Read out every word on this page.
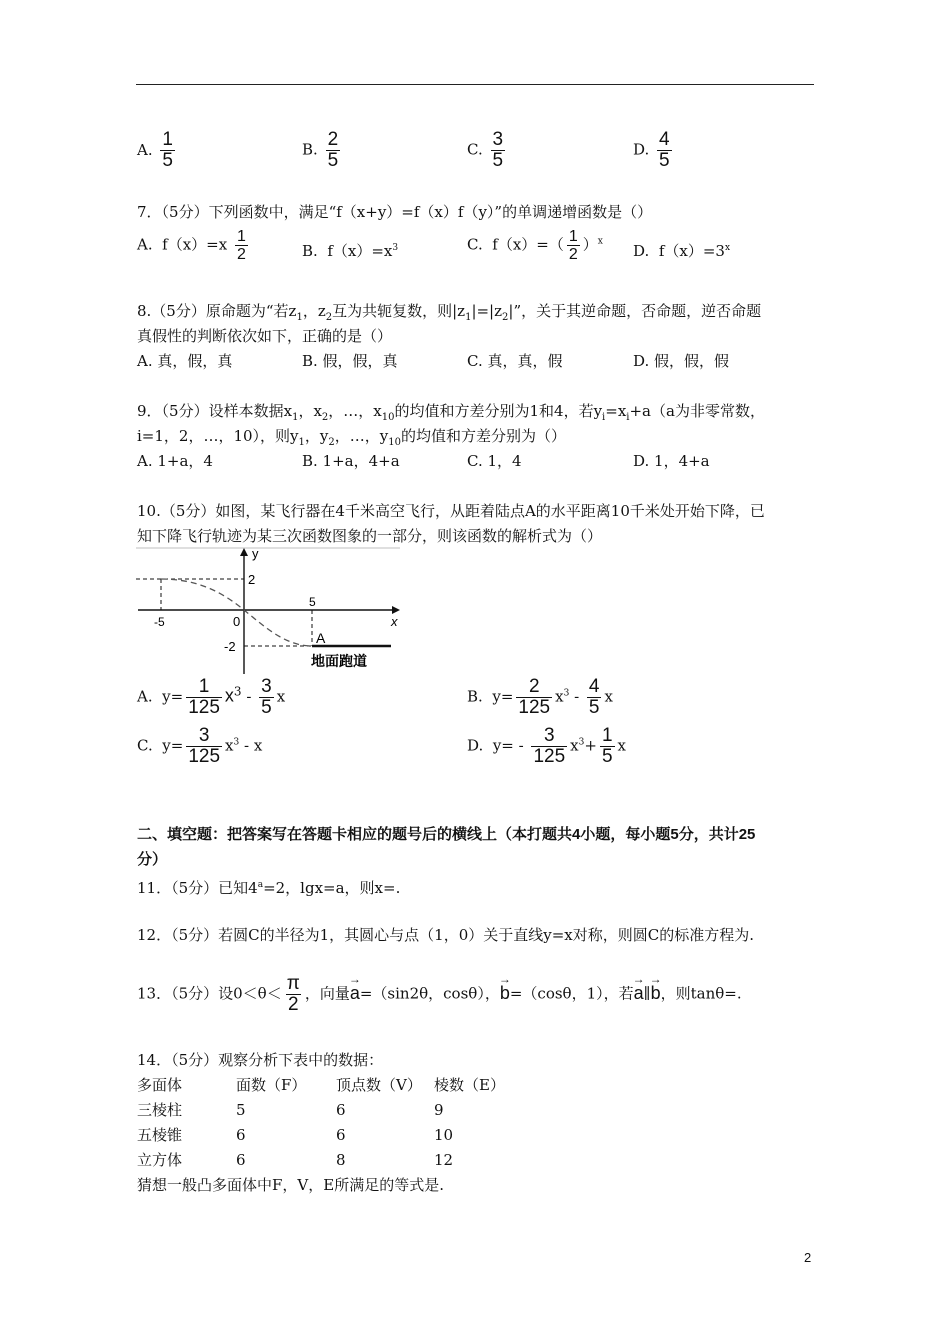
A. $\frac{1}{5}$	B. $\frac{2}{5}$	C. $\frac{3}{5}$	D. $\frac{4}{5}$
7．（5分）下列函数中，满足“f（x+y）=f（x）f（y）”的单调递增函数是（）
A. $f(x)=x \frac{1}{2}$	B. $f(x)=x^3$	C. $f(x)=( \frac{1}{2} )^x$
D. $f(x)=3^x$
8.（5分）原命题为“若$z_1$，$z_2$互为共轭复数，则$|z_1|=|z_2|$”，关于其逆命题，否命题，逆否命题
真假性的判断依次如下，正确的是（）
A. 真，假，真	B. 假，假，真	C. 真，真，假	D. 假，假，假
9．（5分）设样本数据$x_1$，$x_2$，…，$x_{10}$的均值和方差分别为1和4，若$y_i=x_i+a(a$为非零常数，
i=1，2，…，10），则$y_1$，$y_2$，…，$y_{10}$的均值和方差分别为（）
A. 1+a，4	B. 1+a，4+a	C. 1，4	D. 1，4+a
10.（5分）如图，某飞行器在4千米高空飞行，从距着陆点A的水平距离10千米处开始下降，已
知下降飞行轨迹为某三次函数图象的一部分，则该函数的解析式为（）
y
x
2
-2
-5	0
5
A
地面跑道
A. $y= \frac{1}{125} x^3 - \frac{3}{5}$ x	B. $y= \frac{2}{125} x^3 - \frac{4}{5}$ x
C. $y= \frac{3}{125} x^3 - x$	D. $y= - \frac{3}{125} x^3+ \frac{1}{5}$ x
二、填空题：把答案写在答题卡相应的题号后的横线上（本打题共4小题，每小题5分，共计25
分）
11．（5分）已知$4^a=2$，lgx=a，则x=.
12．（5分）若圆C的半径为1，其圆心与点（1，0）关于直线y=x对称，则圆C的标准方程为.
13．（5分）设$0<\theta< \frac{\pi}{2}$ ，向量→ a=（sin2θ，cosθ），→ b=（cosθ，1），若→ a∥→ b，则tanθ=.
14．（5分）观察分析下表中的数据：
多面体	面数（F） 顶点数（V） 棱数（E）
三棱柱	5	6	9
五棱锥	6	6	10
立方体	6	8	12
猜想一般凸多面体中F，V，E所满足的等式是.
2
